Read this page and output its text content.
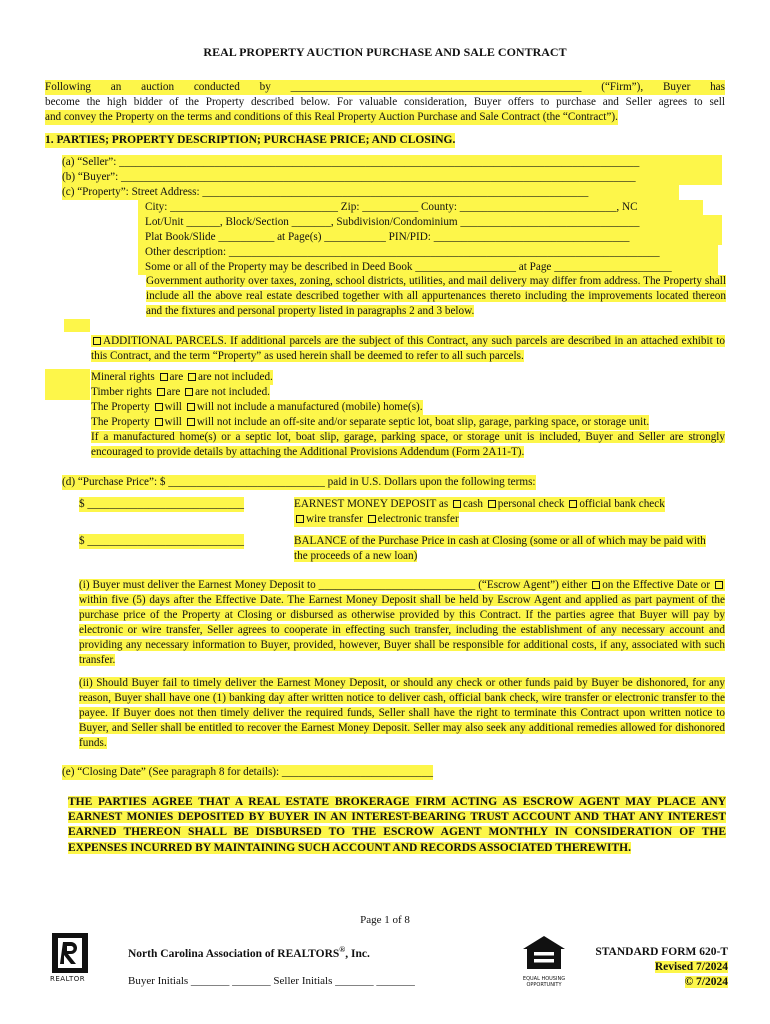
REAL PROPERTY AUCTION PURCHASE AND SALE CONTRACT
Following an auction conducted by ____________________________________________________ (“Firm”), Buyer has
become the high bidder of the Property described below. For valuable consideration, Buyer offers to purchase and Seller agrees to sell
and convey the Property on the terms and conditions of this Real Property Auction Purchase and Sale Contract (the “Contract”).
1. PARTIES; PROPERTY DESCRIPTION; PURCHASE PRICE; AND CLOSING.
(a) “Seller”: _____________________________________________________________________________________________
(b) “Buyer”: ____________________________________________________________________________________________
(c) “Property”: Street Address: _____________________________________________________________________
City: ______________________________ Zip: __________ County: ____________________________, NC
Lot/Unit ______, Block/Section _______, Subdivision/Condominium ________________________________
Plat Book/Slide __________ at Page(s) ___________ PIN/PID: ___________________________________
Other description: _____________________________________________________________________________
Some or all of the Property may be described in Deed Book __________________ at Page _____________________

Government authority over taxes, zoning, school districts, utilities, and mail delivery may differ from address. The Property shall include all the above real estate described together with all appurtenances thereto including the improvements located thereon and the fixtures and personal property listed in paragraphs 2 and 3 below.

ADDITIONAL PARCELS. If additional parcels are the subject of this Contract, any such parcels are described in an attached exhibit to this Contract, and the term “Property” as used herein shall be deemed to refer to all such parcels.

Mineral rights are are not included.
Timber rights are are not included.
The Property will will not include a manufactured (mobile) home(s).
The Property will will not include an off-site and/or separate septic lot, boat slip, garage, parking space, or storage unit.

If a manufactured home(s) or a septic lot, boat slip, garage, parking space, or storage unit is included, Buyer and Seller are strongly encouraged to provide details by attaching the Additional Provisions Addendum (Form 2A11-T).

(d) “Purchase Price”: $ ____________________________ paid in U.S. Dollars upon the following terms:
$ ____________________________	EARNEST MONEY DEPOSIT as cash personal check official bank check
wire transfer electronic transfer
$ ____________________________	BALANCE of the Purchase Price in cash at Closing (some or all of which may be paid with the proceeds of a new loan)

(i) Buyer must deliver the Earnest Money Deposit to ____________________________ (“Escrow Agent”) either on the Effective Date or within five (5) days after the Effective Date. The Earnest Money Deposit shall be held by Escrow Agent and applied as part payment of the purchase price of the Property at Closing or disbursed as otherwise provided by this Contract. If the parties agree that Buyer will pay by electronic or wire transfer, Seller agrees to cooperate in effecting such transfer, including the establishment of any necessary account and providing any necessary information to Buyer, provided, however, Buyer shall be responsible for additional costs, if any, associated with such transfer.

(ii) Should Buyer fail to timely deliver the Earnest Money Deposit, or should any check or other funds paid by Buyer be dishonored, for any reason, Buyer shall have one (1) banking day after written notice to deliver cash, official bank check, wire transfer or electronic transfer to the payee. If Buyer does not then timely deliver the required funds, Seller shall have the right to terminate this Contract upon written notice to Buyer, and Seller shall be entitled to recover the Earnest Money Deposit. Seller may also seek any additional remedies allowed for dishonored funds.

(e) “Closing Date” (See paragraph 8 for details): ___________________________

THE PARTIES AGREE THAT A REAL ESTATE BROKERAGE FIRM ACTING AS ESCROW AGENT MAY PLACE ANY EARNEST MONIES DEPOSITED BY BUYER IN AN INTEREST-BEARING TRUST ACCOUNT AND THAT ANY INTEREST EARNED THEREON SHALL BE DISBURSED TO THE ESCROW AGENT MONTHLY IN CONSIDERATION OF THE EXPENSES INCURRED BY MAINTAINING SUCH ACCOUNT AND RECORDS ASSOCIATED THEREWITH.

Page 1 of 8
REALTOR
North Carolina Association of REALTORS®, Inc.
Buyer Initials _______ _______ Seller Initials _______ _______	EQUAL HOUSING OPPORTUNITY
STANDARD FORM 620-T
Revised 7/2024
© 7/2024
